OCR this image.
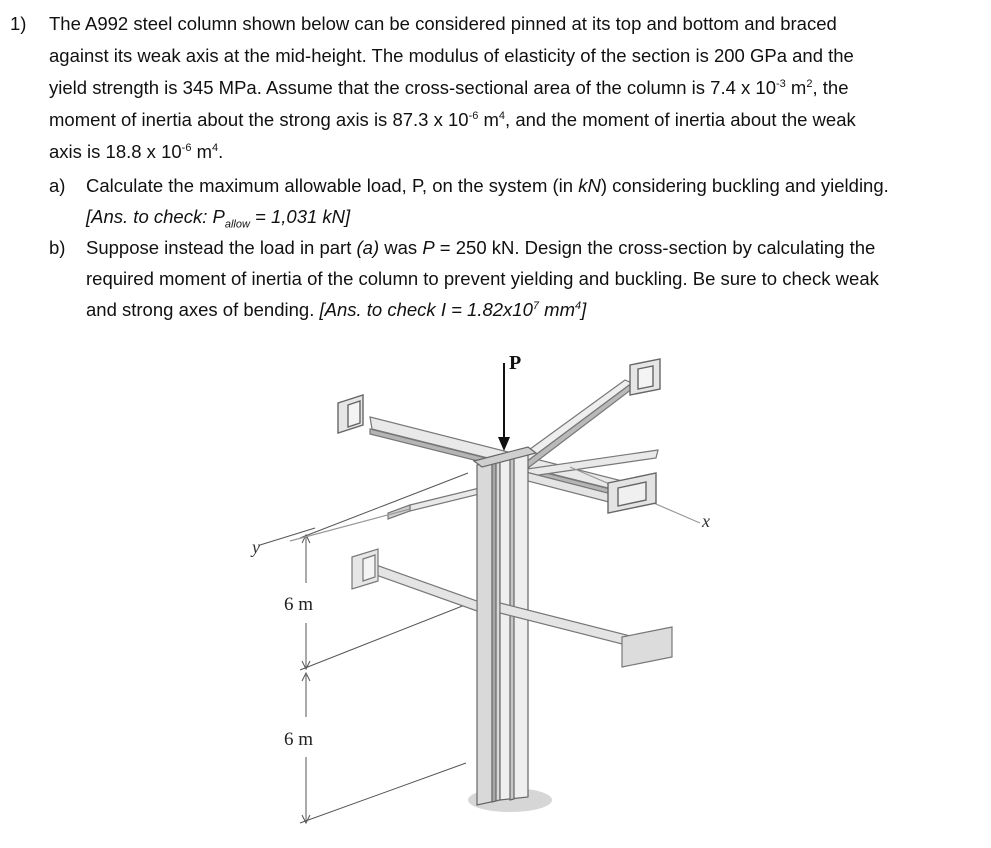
1) The A992 steel column shown below can be considered pinned at its top and bottom and braced
against its weak axis at the mid-height. The modulus of elasticity of the section is 200 GPa and the
yield strength is 345 MPa. Assume that the cross-sectional area of the column is 7.4 x $10^{-3}$ $m^2$, the
moment of inertia about the strong axis is 87.3 x $10^{-6}$ $m^4$, and the moment of inertia about the weak
axis is 18.8 x $10^{-6}$ $m^4$.
a) Calculate the maximum allowable load, P, on the system (in kN) considering buckling and yielding.
[Ans. to check: $P_{allow} = 1,031$ kN]
b) Suppose instead the load in part (a) was P = 250 kN. Design the cross-section by calculating the
required moment of inertia of the column to prevent yielding and buckling. Be sure to check weak
and strong axes of bending. [Ans. to check $I = 1.82x10^7$ $mm^4$]
P
x
y
6 m
6 m
